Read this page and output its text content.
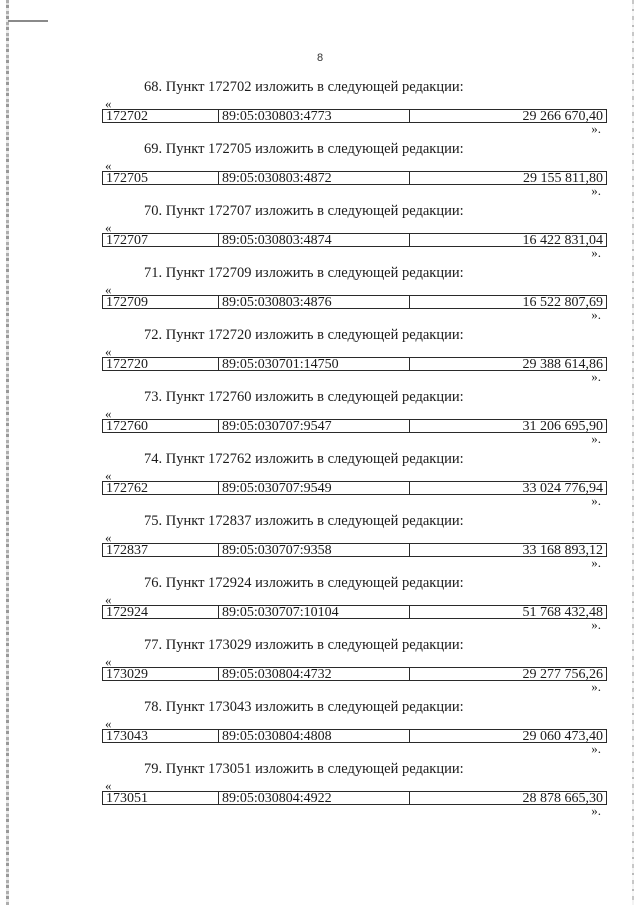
8
68. Пункт 172702 изложить в следующей редакции:
«
172702	89:05:030803:4773	29 266 670,40
».
69. Пункт 172705 изложить в следующей редакции:
«
172705	89:05:030803:4872	29 155 811,80
».
70. Пункт 172707 изложить в следующей редакции:
«
172707	89:05:030803:4874	16 422 831,04
».
71. Пункт 172709 изложить в следующей редакции:
«
172709	89:05:030803:4876	16 522 807,69
».
72. Пункт 172720 изложить в следующей редакции:
«
172720	89:05:030701:14750	29 388 614,86
».
73. Пункт 172760 изложить в следующей редакции:
«
172760	89:05:030707:9547	31 206 695,90
».
74. Пункт 172762 изложить в следующей редакции:
«
172762	89:05:030707:9549	33 024 776,94
».
75. Пункт 172837 изложить в следующей редакции:
«
172837	89:05:030707:9358	33 168 893,12
».
76. Пункт 172924 изложить в следующей редакции:
«
172924	89:05:030707:10104	51 768 432,48
».
77. Пункт 173029 изложить в следующей редакции:
«
173029	89:05:030804:4732	29 277 756,26
».
78. Пункт 173043 изложить в следующей редакции:
«
173043	89:05:030804:4808	29 060 473,40
».
79. Пункт 173051 изложить в следующей редакции:
«
173051	89:05:030804:4922	28 878 665,30
».
